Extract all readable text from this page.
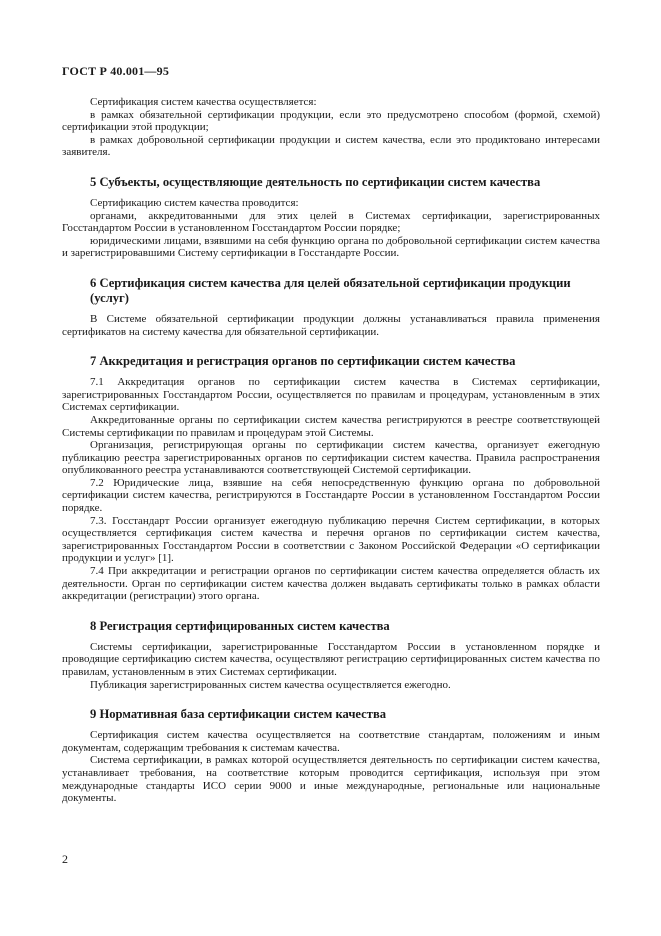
ГОСТ Р 40.001—95

Сертификация систем качества осуществляется:

в рамках обязательной сертификации продукции, если это предусмотрено способом (формой, схемой) сертификации этой продукции;

в рамках добровольной сертификации продукции и систем качества, если это продиктовано интересами заявителя.

5 Субъекты, осуществляющие деятельность по сертификации систем качества

Сертификацию систем качества проводится:

органами, аккредитованными для этих целей в Системах сертификации, зарегистрированных Госстандартом России в установленном Госстандартом России порядке;

юридическими лицами, взявшими на себя функцию органа по добровольной сертификации систем качества и зарегистрировавшими Систему сертификации в Госстандарте России.

6 Сертификация систем качества для целей обязательной сертификации продукции (услуг)

В Системе обязательной сертификации продукции должны устанавливаться правила применения сертификатов на систему качества для обязательной сертификации.

7 Аккредитация и регистрация органов по сертификации систем качества

7.1 Аккредитация органов по сертификации систем качества в Системах сертификации, зарегистрированных Госстандартом России, осуществляется по правилам и процедурам, установленным в этих Системах сертификации.

Аккредитованные органы по сертификации систем качества регистрируются в реестре соответствующей Системы сертификации по правилам и процедурам этой Системы.

Организация, регистрирующая органы по сертификации систем качества, организует ежегодную публикацию реестра зарегистрированных органов по сертификации систем качества. Правила распространения опубликованного реестра устанавливаются соответствующей Системой сертификации.

7.2 Юридические лица, взявшие на себя непосредственную функцию органа по добровольной сертификации систем качества, регистрируются в Госстандарте России в установленном Госстандартом России порядке.

7.3. Госстандарт России организует ежегодную публикацию перечня Систем сертификации, в которых осуществляется сертификация систем качества и перечня органов по сертификации систем качества, зарегистрированных Госстандартом России в соответствии с Законом Российской Федерации «О сертификации продукции и услуг» [1].

7.4 При аккредитации и регистрации органов по сертификации систем качества определяется область их деятельности. Орган по сертификации систем качества должен выдавать сертификаты только в рамках области аккредитации (регистрации) этого органа.

8 Регистрация сертифицированных систем качества

Системы сертификации, зарегистрированные Госстандартом России в установленном порядке и проводящие сертификацию систем качества, осуществляют регистрацию сертифицированных систем качества по правилам, установленным в этих Системах сертификации.

Публикация зарегистрированных систем качества осуществляется ежегодно.

9 Нормативная база сертификации систем качества

Сертификация систем качества осуществляется на соответствие стандартам, положениям и иным документам, содержащим требования к системам качества.

Система сертификации, в рамках которой осуществляется деятельность по сертификации систем качества, устанавливает требования, на соответствие которым проводится сертификация, используя при этом международные стандарты ИСО серии 9000 и иные международные, региональные или национальные документы.

2
